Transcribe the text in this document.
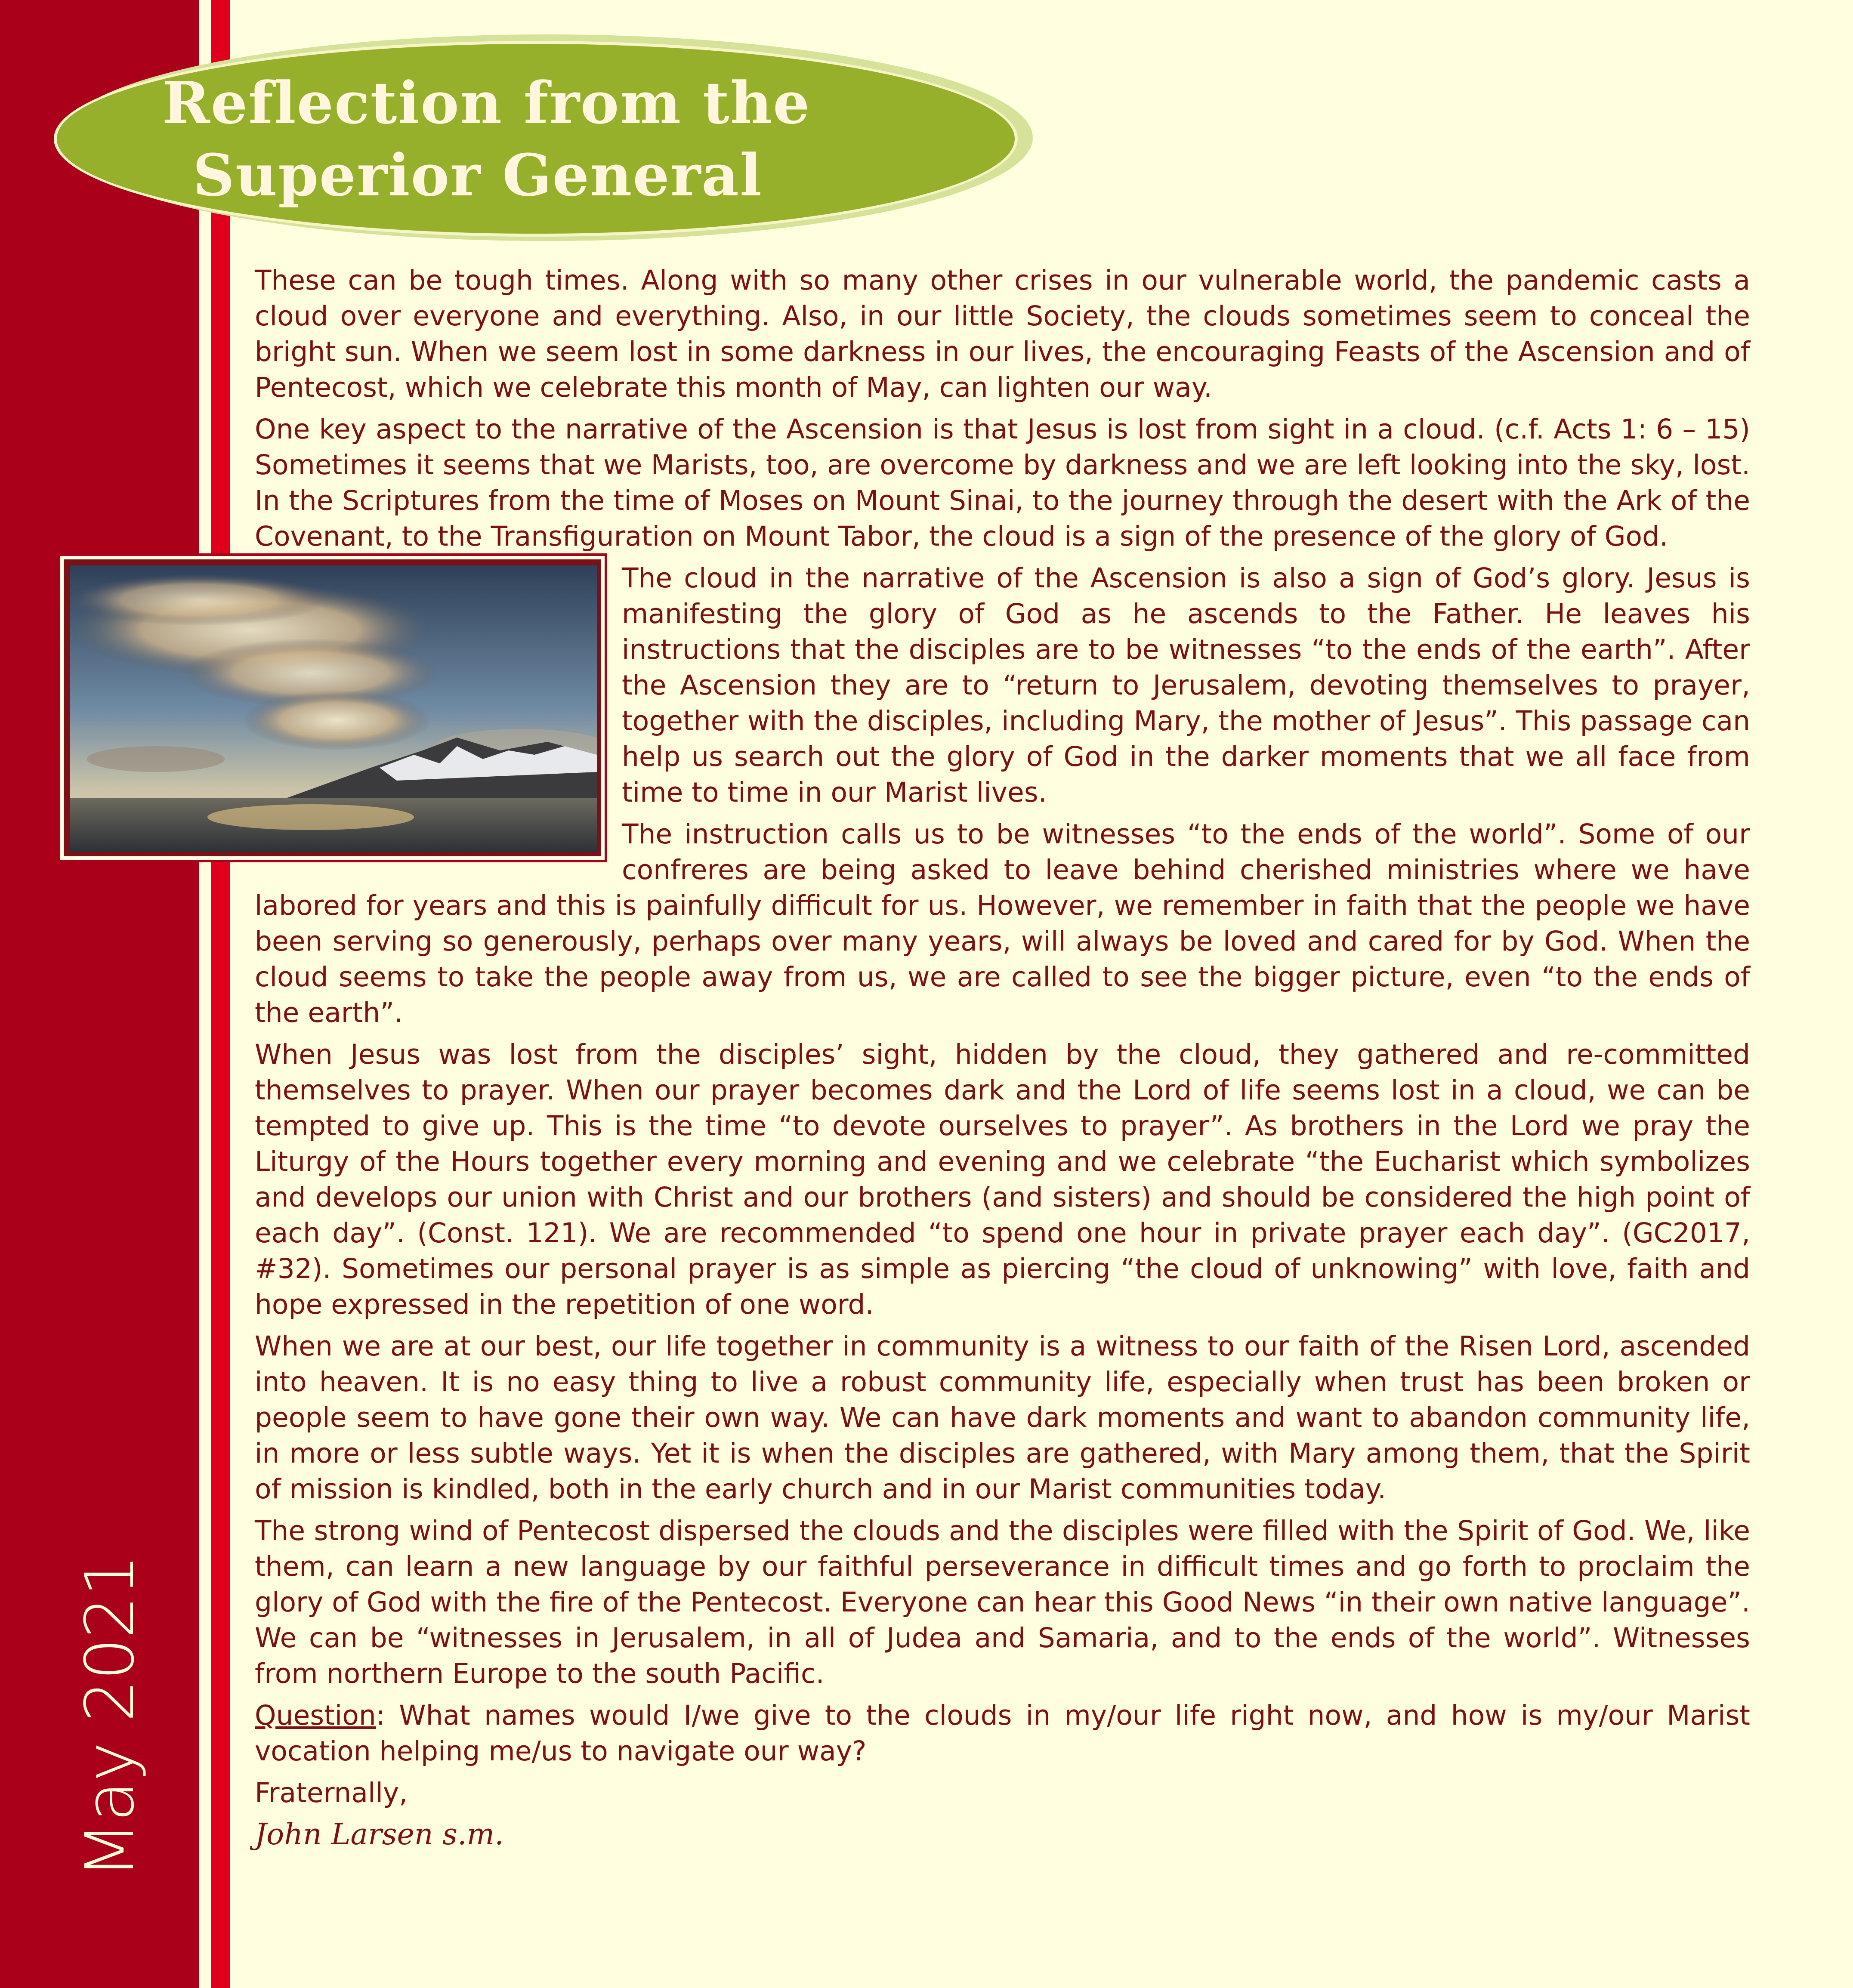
May 2021
Reflection from the
Superior General

These can be tough times. Along with so many other crises in our vulnerable world, the pandemic casts a cloud over everyone and everything. Also, in our little Society, the clouds sometimes seem to conceal the bright sun. When we seem lost in some darkness in our lives, the encouraging Feasts of the Ascension and of Pentecost, which we celebrate this month of May, can lighten our way.

One key aspect to the narrative of the Ascension is that Jesus is lost from sight in a cloud. (c.f. Acts 1: 6 – 15) Sometimes it seems that we Marists, too, are overcome by darkness and we are left looking into the sky, lost. In the Scriptures from the time of Moses on Mount Sinai, to the journey through the desert with the Ark of the Covenant, to the Transfiguration on Mount Tabor, the cloud is a sign of the presence of the glory of God.

The cloud in the narrative of the Ascension is also a sign of God’s glory. Jesus is manifesting the glory of God as he ascends to the Father. He leaves his instructions that the disciples are to be witnesses “to the ends of the earth”. After the Ascension they are to “return to Jerusalem, devoting themselves to prayer, together with the disciples, including Mary, the mother of Jesus”. This passage can help us search out the glory of God in the darker moments that we all face from time to time in our Marist lives.

The instruction calls us to be witnesses “to the ends of the world”. Some of our confreres are being asked to leave behind cherished ministries where we have labored for years and this is painfully difficult for us. However, we remember in faith that the people we have been serving so generously, perhaps over many years, will always be loved and cared for by God. When the cloud seems to take the people away from us, we are called to see the bigger picture, even “to the ends of the earth”.

When Jesus was lost from the disciples’ sight, hidden by the cloud, they gathered and re-committed themselves to prayer. When our prayer becomes dark and the Lord of life seems lost in a cloud, we can be tempted to give up. This is the time “to devote ourselves to prayer”. As brothers in the Lord we pray the Liturgy of the Hours together every morning and evening and we celebrate “the Eucharist which symbolizes and develops our union with Christ and our brothers (and sisters) and should be considered the high point of each day”. (Const. 121). We are recommended “to spend one hour in private prayer each day”. (GC2017, #32). Sometimes our personal prayer is as simple as piercing “the cloud of unknowing” with love, faith and hope expressed in the repetition of one word.

When we are at our best, our life together in community is a witness to our faith of the Risen Lord, ascended into heaven. It is no easy thing to live a robust community life, especially when trust has been broken or people seem to have gone their own way. We can have dark moments and want to abandon community life, in more or less subtle ways. Yet it is when the disciples are gathered, with Mary among them, that the Spirit of mission is kindled, both in the early church and in our Marist communities today.

The strong wind of Pentecost dispersed the clouds and the disciples were filled with the Spirit of God. We, like them, can learn a new language by our faithful perseverance in difficult times and go forth to proclaim the glory of God with the fire of the Pentecost. Everyone can hear this Good News “in their own native language”. We can be “witnesses in Jerusalem, in all of Judea and Samaria, and to the ends of the world”. Witnesses from northern Europe to the south Pacific.

Question: What names would I/we give to the clouds in my/our life right now, and how is my/our Marist vocation helping me/us to navigate our way?

Fraternally,

John Larsen s.m.
